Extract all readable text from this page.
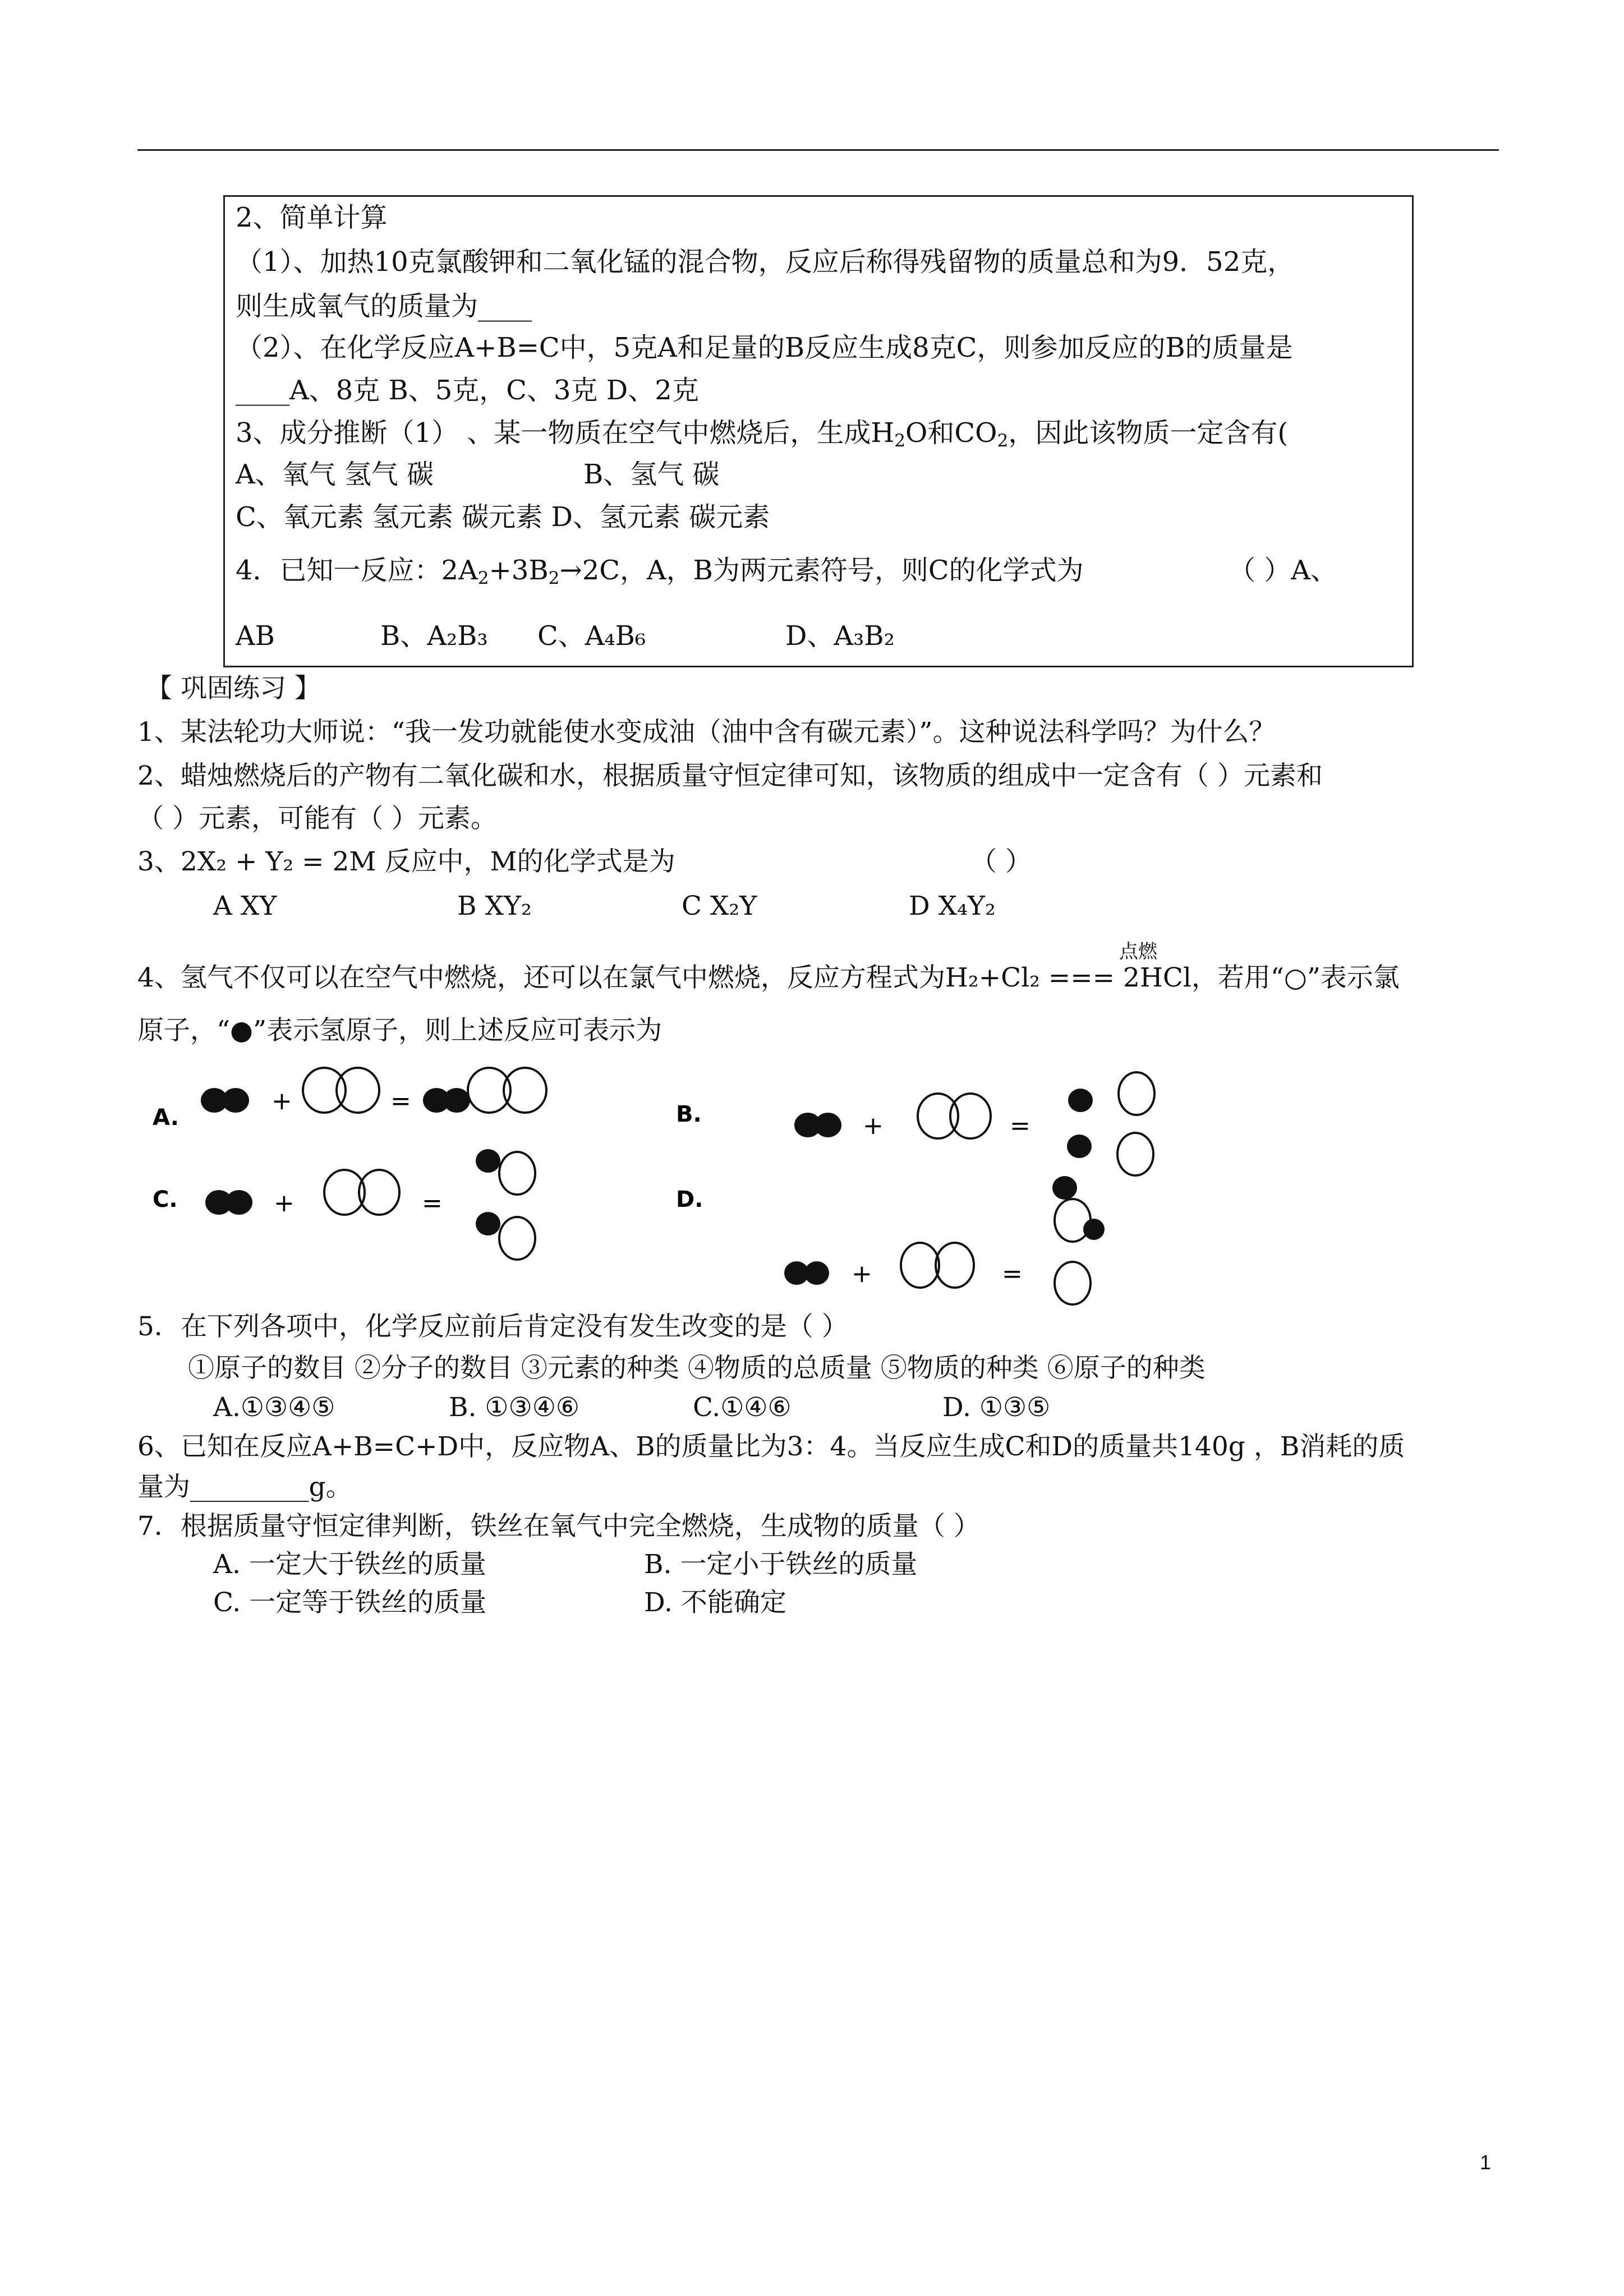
2、简单计算
（1）、加热10克氯酸钾和二氧化锰的混合物，反应后称得残留物的质量总和为9．52克，
则生成氧气的质量为____
（2）、在化学反应A+B=C中，5克A和足量的B反应生成8克C，则参加反应的B的质量是
____A、8克 B、5克，C、3克 D、2克
3、成分推断（1） 、某一物质在空气中燃烧后，生成$H_2O$和$CO_2$，因此该物质一定含有(
A、氧气 氢气 碳	B、氢气 碳
C、氧元素 氢元素 碳元素 D、氢元素 碳元素
4．已知一反应：$2A_2+3B_2\to 2C$，A，B为两元素符号，则C的化学式为	（ ）A、
AB	B、A₂B₃ C、A₄B₆	D、A₃B₂
【 巩固练习 】
1、某法轮功大师说：“我一发功就能使水变成油（油中含有碳元素）”。这种说法科学吗？为什么？
2、蜡烛燃烧后的产物有二氧化碳和水，根据质量守恒定律可知，该物质的组成中一定含有（ ）元素和
（ ）元素，可能有（ ）元素。
3、2X₂ + Y₂ = 2M 反应中，M的化学式是为	（ ）
A XY	B XY₂	C X₂Y	D X₄Y₂
点燃
4、氢气不仅可以在空气中燃烧，还可以在氯气中燃烧，反应方程式为H₂+Cl₂ === 2HCl，若用“○”表示氯
原子，“●”表示氢原子，则上述反应可表示为
A.
+	=	B.	+	=
C.	+	=	D.
+	=
5．在下列各项中，化学反应前后肯定没有发生改变的是（ ）
①原子的数目 ②分子的数目 ③元素的种类 ④物质的总质量 ⑤物质的种类 ⑥原子的种类
A.①③④⑤	B. ①③④⑥	C.①④⑥	D. ①③⑤
6、已知在反应A+B=C+D中，反应物A、B的质量比为3：4。当反应生成C和D的质量共140g ，B消耗的质
量为_________g。
7．根据质量守恒定律判断，铁丝在氧气中完全燃烧，生成物的质量（ ）
A. 一定大于铁丝的质量	B. 一定小于铁丝的质量
C. 一定等于铁丝的质量	D. 不能确定
1
